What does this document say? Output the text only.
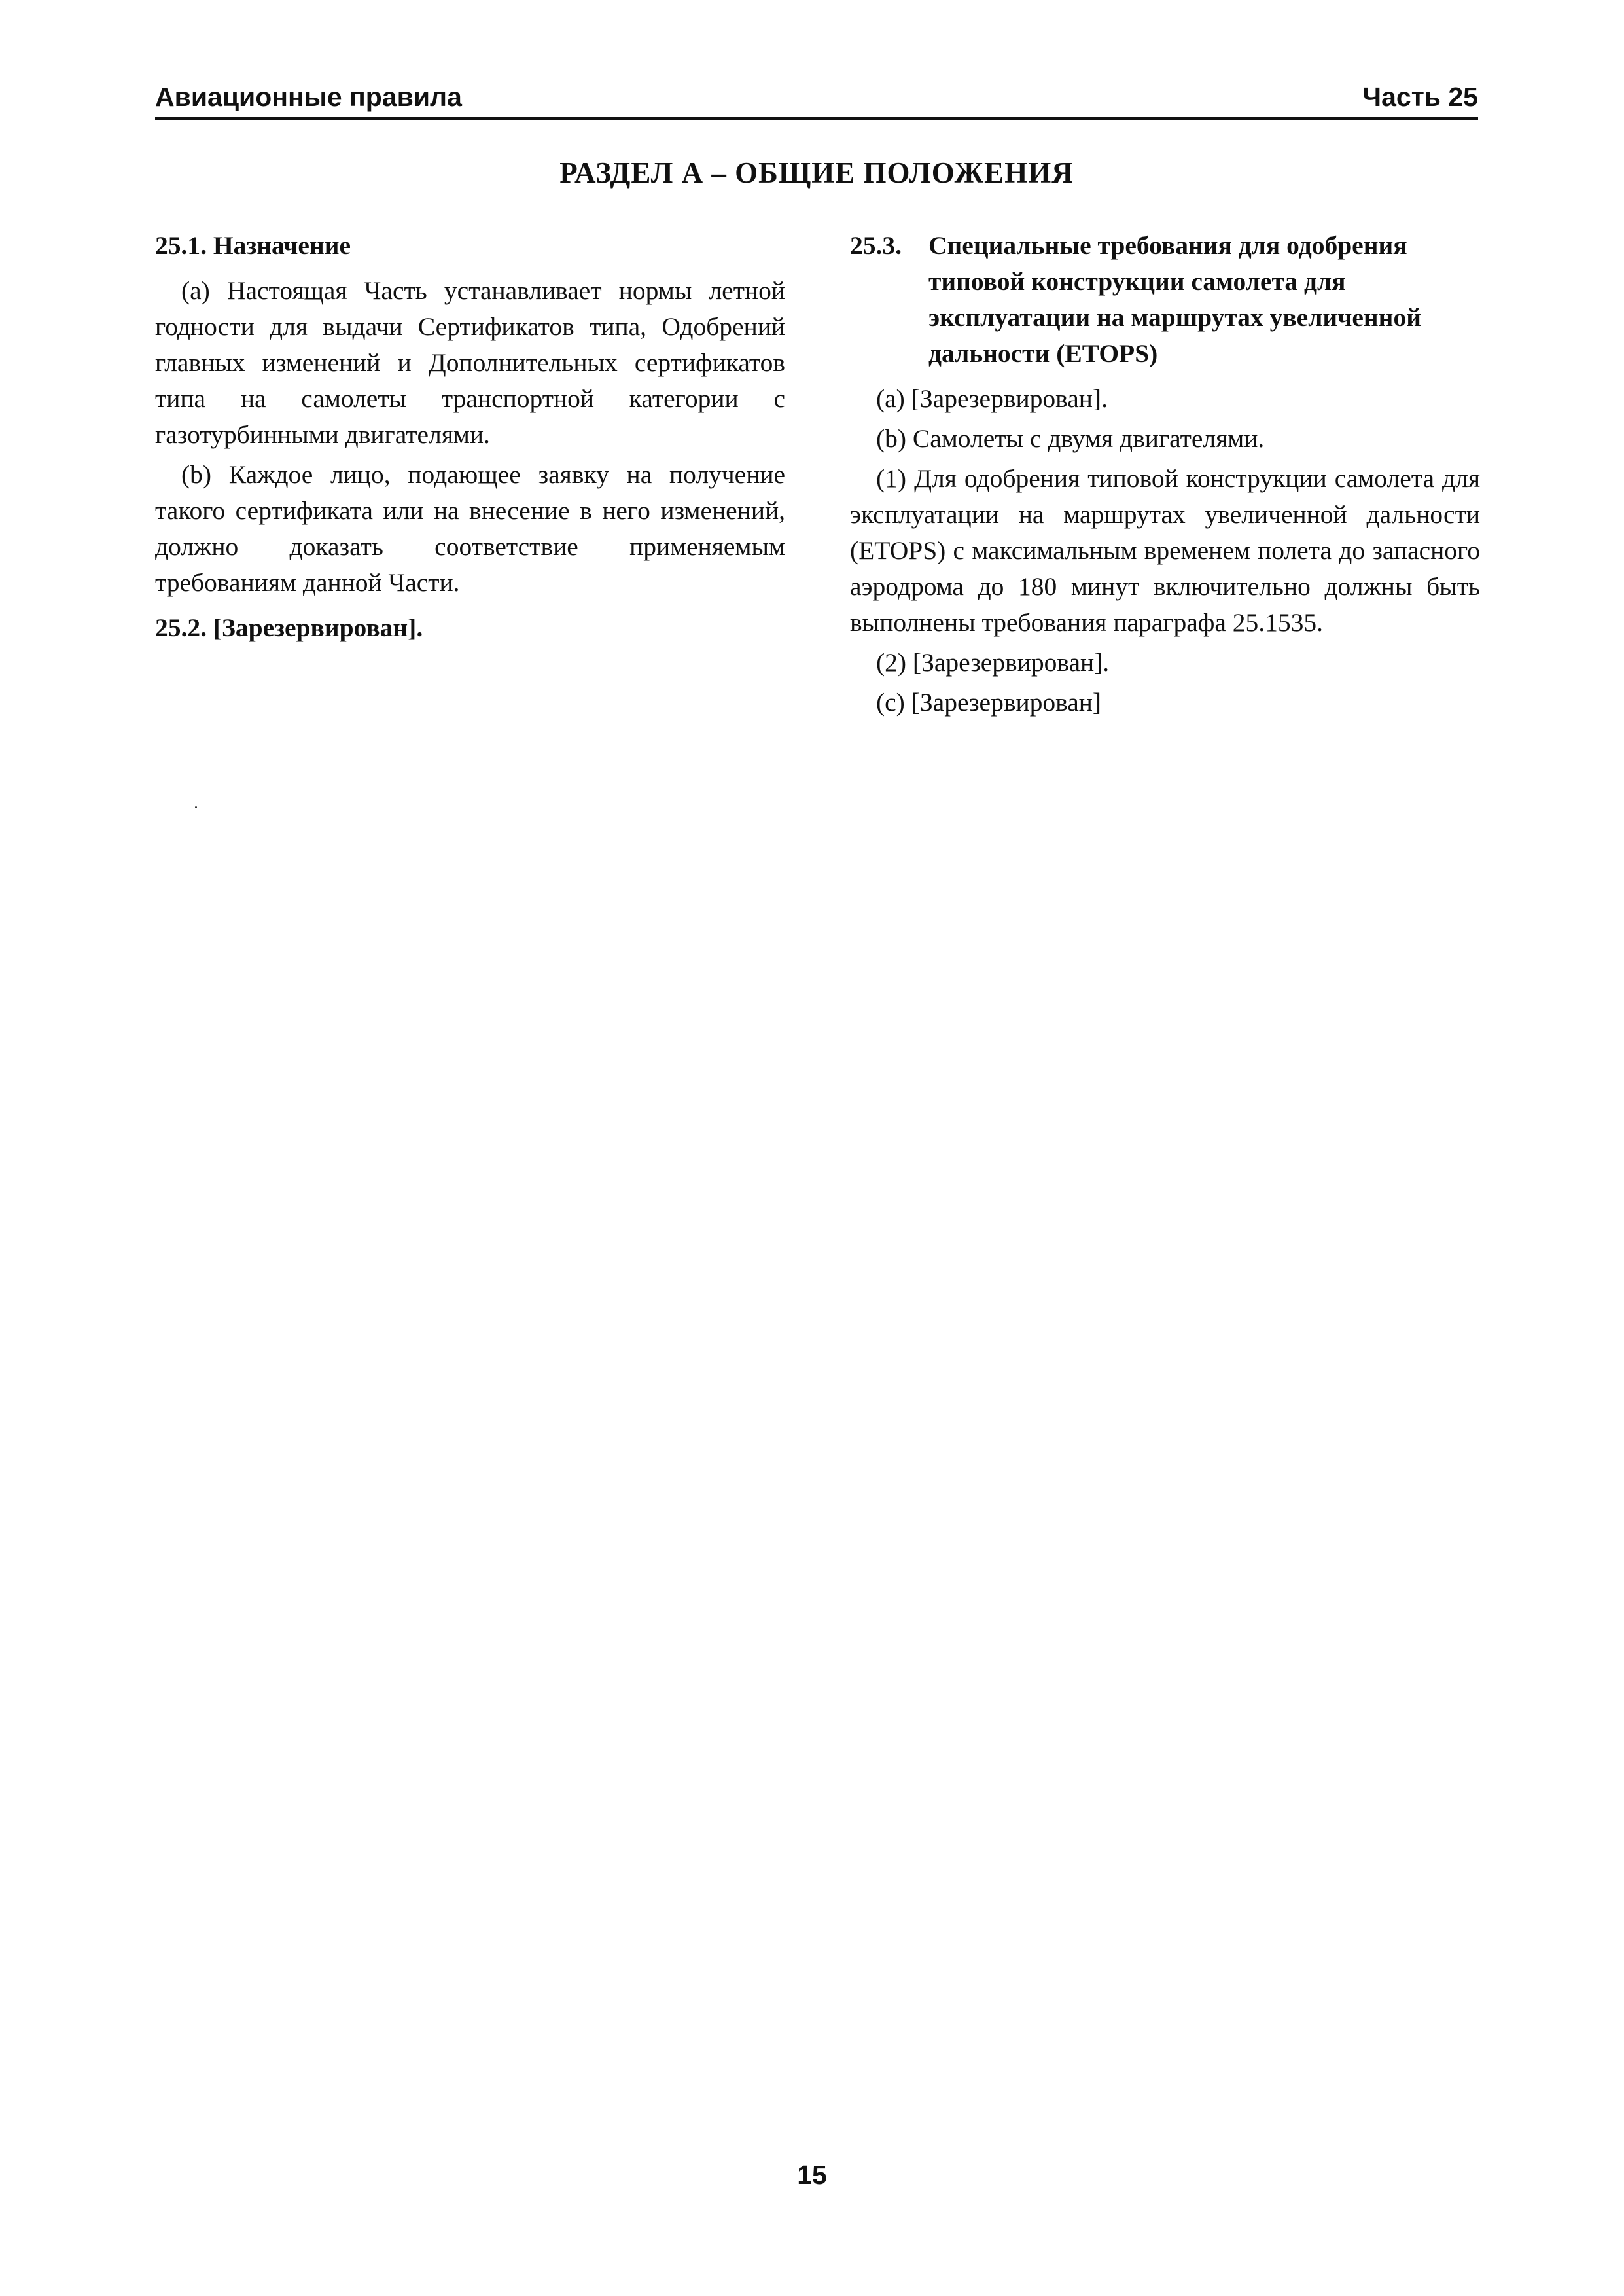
Авиационные правила	Часть 25
РАЗДЕЛ А – ОБЩИЕ ПОЛОЖЕНИЯ
25.1. Назначение

(a) Настоящая Часть устанавливает нормы летной годности для выдачи Сертификатов типа, Одобрений главных изменений и Дополнительных сертификатов типа на самолеты транспортной категории с газотурбинными двигателями.

(b) Каждое лицо, подающее заявку на получение такого сертификата или на внесение в него изменений, должно доказать соответствие применяемым требованиям данной Части.

25.2. [Зарезервирован].
25.3.	Специальные требования для одобрения типовой конструкции самолета для эксплуатации на маршрутах увеличенной дальности (ETOPS)

(a) [Зарезервирован].

(b) Самолеты с двумя двигателями.

(1) Для одобрения типовой конструкции самолета для эксплуатации на маршрутах увеличенной дальности (ETOPS) с максимальным временем полета до запасного аэродрома до 180 минут включительно должны быть выполнены требования параграфа 25.1535.

(2) [Зарезервирован].

(c) [Зарезервирован]

15
